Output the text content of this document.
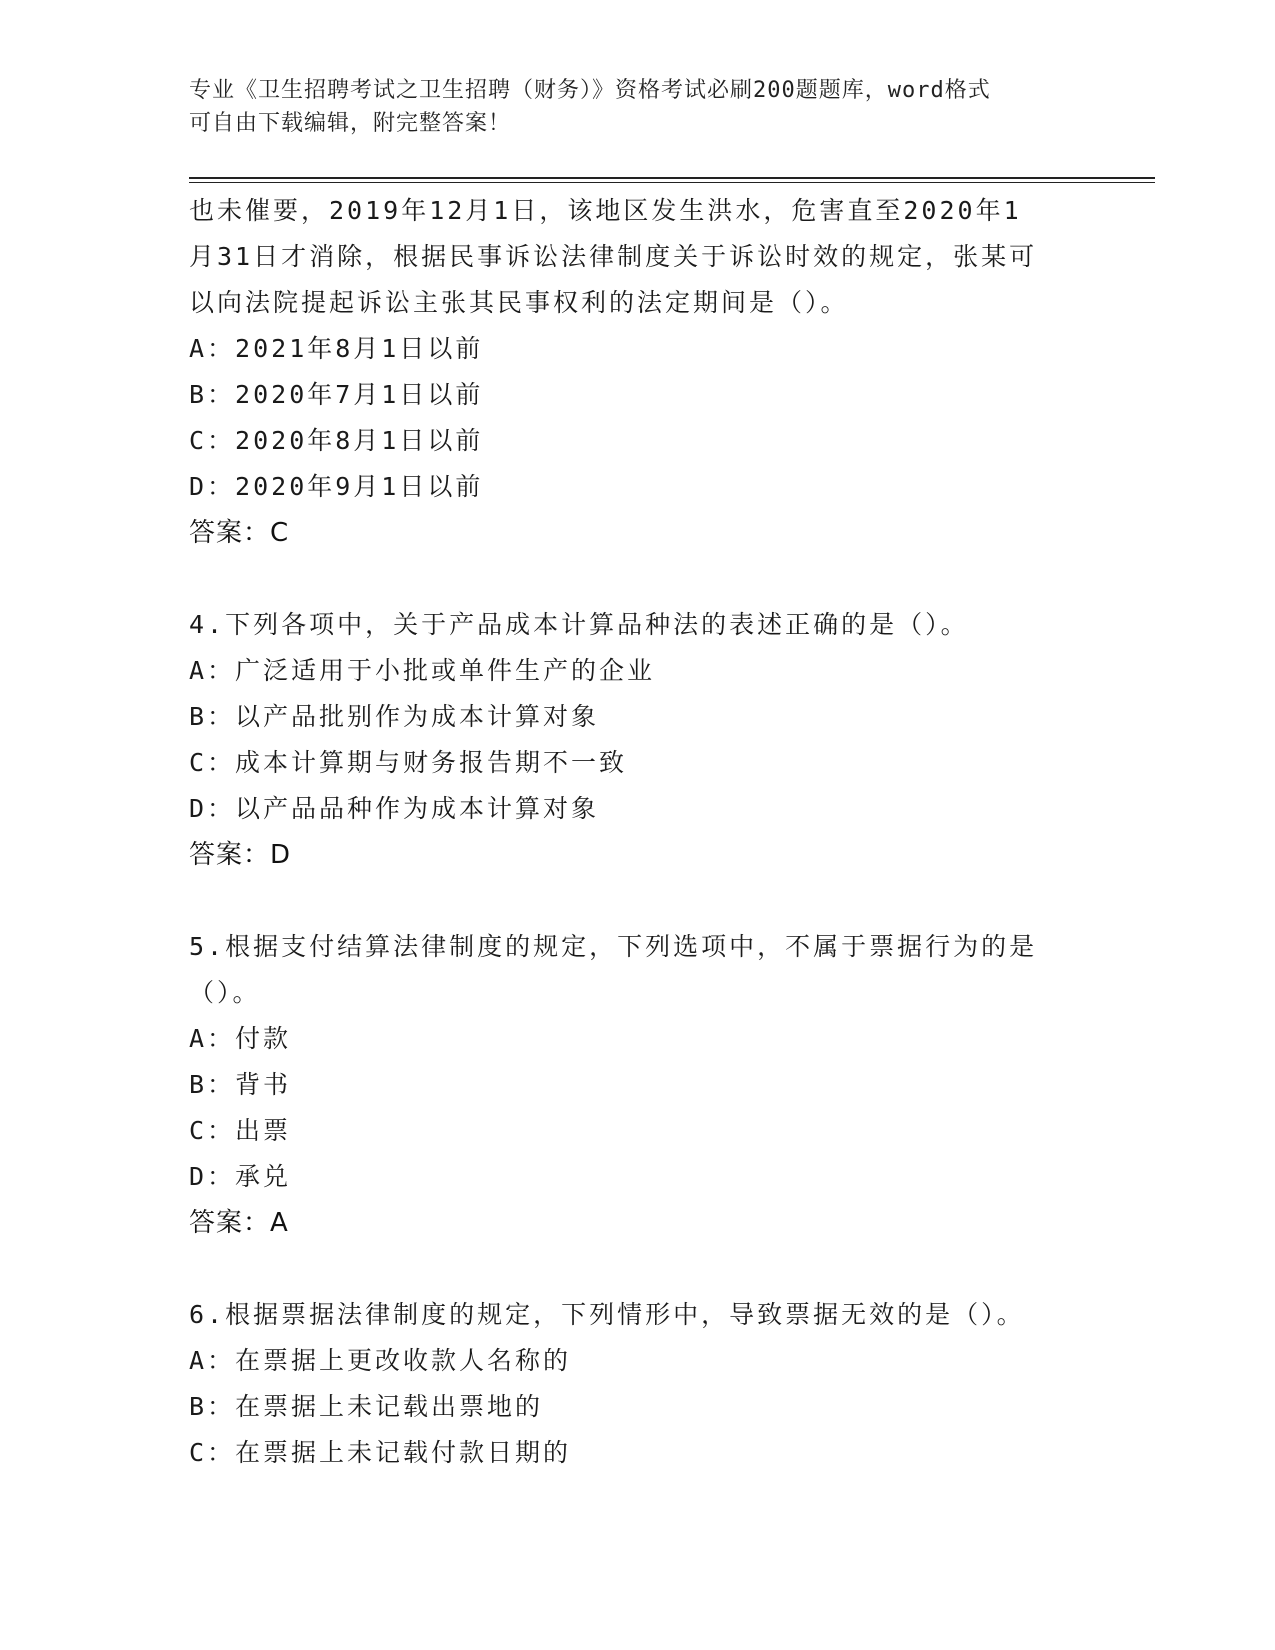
专业《卫生招聘考试之卫生招聘（财务）》资格考试必刷200题题库，word格式
可自由下载编辑，附完整答案！

也未催要，2019年12月1日，该地区发生洪水，危害直至2020年1

月31日才消除，根据民事诉讼法律制度关于诉讼时效的规定，张某可

以向法院提起诉讼主张其民事权利的法定期间是（）。

A：2021年8月1日以前

B：2020年7月1日以前

C：2020年8月1日以前

D：2020年9月1日以前

答案：C

4.下列各项中，关于产品成本计算品种法的表述正确的是（）。

A：广泛适用于小批或单件生产的企业

B：以产品批别作为成本计算对象

C：成本计算期与财务报告期不一致

D：以产品品种作为成本计算对象

答案：D

5.根据支付结算法律制度的规定，下列选项中，不属于票据行为的是

（）。

A：付款

B：背书

C：出票

D：承兑

答案：A

6.根据票据法律制度的规定，下列情形中，导致票据无效的是（）。

A：在票据上更改收款人名称的

B：在票据上未记载出票地的

C：在票据上未记载付款日期的
